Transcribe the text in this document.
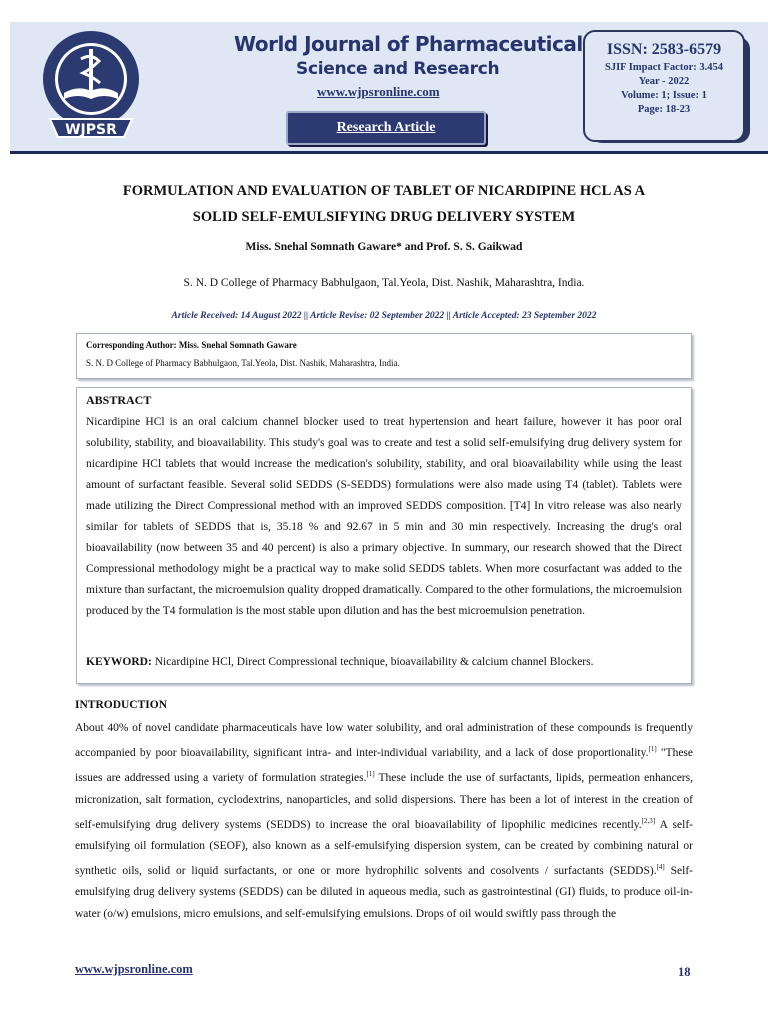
WJPSR
World Journal of Pharmaceutical
Science and Research
www.wjpsronline.com
Research Article
ISSN: 2583-6579
SJIF Impact Factor: 3.454
Year - 2022
Volume: 1; Issue: 1
Page: 18-23
FORMULATION AND EVALUATION OF TABLET OF NICARDIPINE HCL AS A
SOLID SELF-EMULSIFYING DRUG DELIVERY SYSTEM
Miss. Snehal Somnath Gaware* and Prof. S. S. Gaikwad
S. N. D College of Pharmacy Babhulgaon, Tal.Yeola, Dist. Nashik, Maharashtra, India.
Article Received: 14 August 2022 || Article Revise: 02 September 2022 || Article Accepted: 23 September 2022
Corresponding Author: Miss. Snehal Somnath Gaware
S. N. D College of Pharmacy Babhulgaon, Tal.Yeola, Dist. Nashik, Maharashtra, India.
ABSTRACT

Nicardipine HCl is an oral calcium channel blocker used to treat hypertension and heart failure, however it has poor oral solubility, stability, and bioavailability. This study's goal was to create and test a solid self-emulsifying drug delivery system for nicardipine HCl tablets that would increase the medication's solubility, stability, and oral bioavailability while using the least amount of surfactant feasible. Several solid SEDDS (S-SEDDS) formulations were also made using T4 (tablet). Tablets were made utilizing the Direct Compressional method with an improved SEDDS composition. [T4] In vitro release was also nearly similar for tablets of SEDDS that is, 35.18 % and 92.67 in 5 min and 30 min respectively. Increasing the drug's oral bioavailability (now between 35 and 40 percent) is also a primary objective. In summary, our research showed that the Direct Compressional methodology might be a practical way to make solid SEDDS tablets. When more cosurfactant was added to the mixture than surfactant, the microemulsion quality dropped dramatically. Compared to the other formulations, the microemulsion produced by the T4 formulation is the most stable upon dilution and has the best microemulsion penetration.

KEYWORD: Nicardipine HCl, Direct Compressional technique, bioavailability & calcium channel Blockers.
INTRODUCTION

About 40% of novel candidate pharmaceuticals have low water solubility, and oral administration of these compounds is frequently accompanied by poor bioavailability, significant intra- and inter-individual variability, and a lack of dose proportionality.[1] "These issues are addressed using a variety of formulation strategies.[1] These include the use of surfactants, lipids, permeation enhancers, micronization, salt formation, cyclodextrins, nanoparticles, and solid dispersions. There has been a lot of interest in the creation of self-emulsifying drug delivery systems (SEDDS) to increase the oral bioavailability of lipophilic medicines recently.[2,3] A self-emulsifying oil formulation (SEOF), also known as a self-emulsifying dispersion system, can be created by combining natural or synthetic oils, solid or liquid surfactants, or one or more hydrophilic solvents and cosolvents / surfactants (SEDDS).[4] Self-emulsifying drug delivery systems (SEDDS) can be diluted in aqueous media, such as gastrointestinal (GI) fluids, to produce oil-in-water (o/w) emulsions, micro emulsions, and self-emulsifying emulsions. Drops of oil would swiftly pass through the

www.wjpsronline.com	18
